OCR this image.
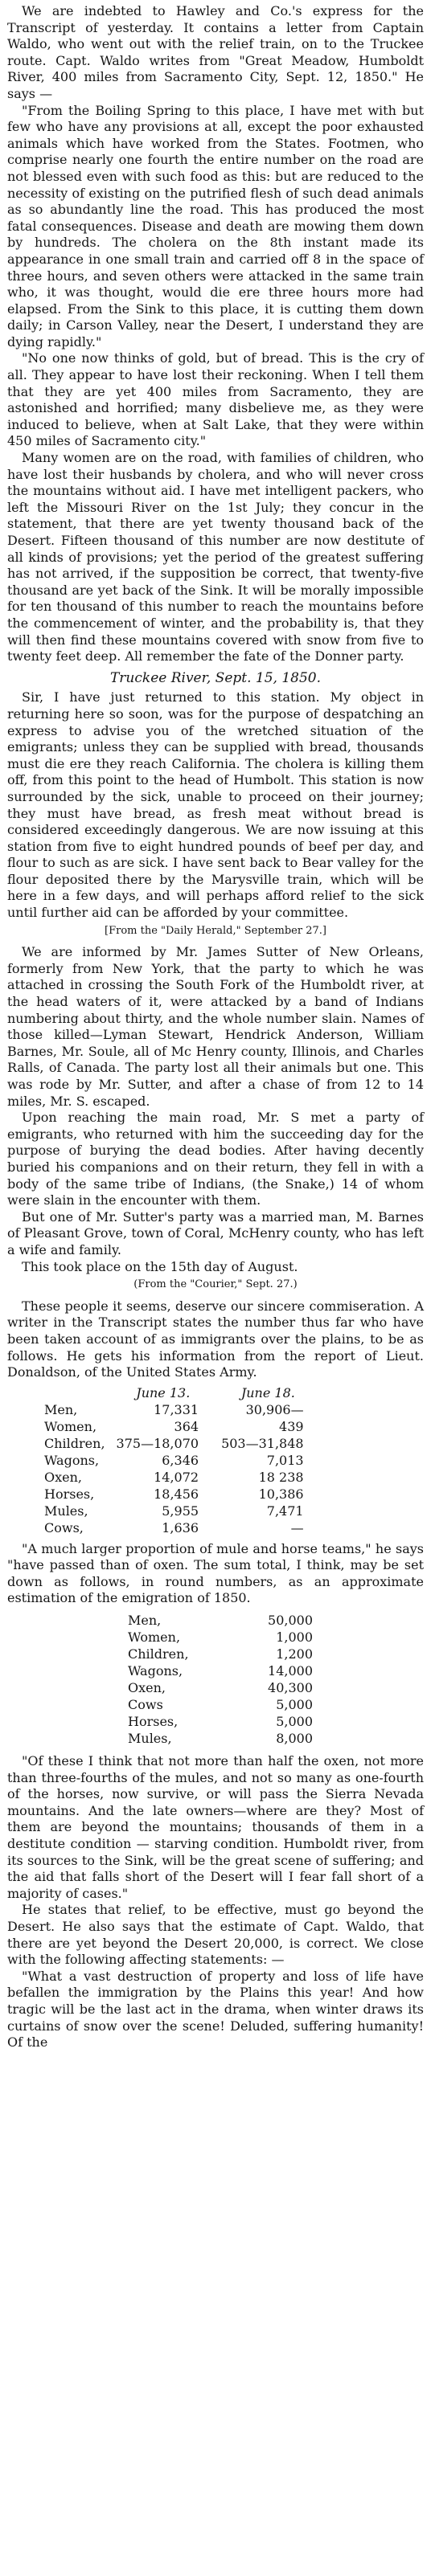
We are indebted to Hawley and Co.'s express for the Transcript of yesterday. It contains a letter from Captain Waldo, who went out with the relief train, on to the Truckee route. Capt. Waldo writes from "Great Meadow, Humboldt River, 400 miles from Sacramento City, Sept. 12, 1850." He says —

"From the Boiling Spring to this place, I have met with but few who have any provisions at all, except the poor exhausted animals which have worked from the States. Footmen, who comprise nearly one fourth the entire number on the road are not blessed even with such food as this: but are reduced to the necessity of existing on the putrified flesh of such dead animals as so abundantly line the road. This has produced the most fatal consequences. Disease and death are mowing them down by hundreds. The cholera on the 8th instant made its appearance in one small train and carried off 8 in the space of three hours, and seven others were attacked in the same train who, it was thought, would die ere three hours more had elapsed. From the Sink to this place, it is cutting them down daily; in Carson Valley, near the Desert, I understand they are dying rapidly."

"No one now thinks of gold, but of bread. This is the cry of all. They appear to have lost their reckoning. When I tell them that they are yet 400 miles from Sacramento, they are astonished and horrified; many disbelieve me, as they were induced to believe, when at Salt Lake, that they were within 450 miles of Sacramento city."

Many women are on the road, with families of children, who have lost their husbands by cholera, and who will never cross the mountains without aid. I have met intelligent packers, who left the Missouri River on the 1st July; they concur in the statement, that there are yet twenty thousand back of the Desert. Fifteen thousand of this number are now destitute of all kinds of provisions; yet the period of the greatest suffering has not arrived, if the supposition be correct, that twenty-five thousand are yet back of the Sink. It will be morally impossible for ten thousand of this number to reach the mountains before the commencement of winter, and the probability is, that they will then find these mountains covered with snow from five to twenty feet deep. All remember the fate of the Donner party.

Truckee River, Sept. 15, 1850.

Sir, I have just returned to this station. My object in returning here so soon, was for the purpose of despatching an express to advise you of the wretched situation of the emigrants; unless they can be supplied with bread, thousands must die ere they reach California. The cholera is killing them off, from this point to the head of Humbolt. This station is now surrounded by the sick, unable to proceed on their journey; they must have bread, as fresh meat without bread is considered exceedingly dangerous. We are now issuing at this station from five to eight hundred pounds of beef per day, and flour to such as are sick. I have sent back to Bear valley for the flour deposited there by the Marysville train, which will be here in a few days, and will perhaps afford relief to the sick until further aid can be afforded by your committee.

[From the "Daily Herald," September 27.]

We are informed by Mr. James Sutter of New Orleans, formerly from New York, that the party to which he was attached in crossing the South Fork of the Humboldt river, at the head waters of it, were attacked by a band of Indians numbering about thirty, and the whole number slain. Names of those killed—Lyman Stewart, Hendrick Anderson, William Barnes, Mr. Soule, all of Mc Henry county, Illinois, and Charles Ralls, of Canada. The party lost all their animals but one. This was rode by Mr. Sutter, and after a chase of from 12 to 14 miles, Mr. S. escaped.

Upon reaching the main road, Mr. S met a party of emigrants, who returned with him the succeeding day for the purpose of burying the dead bodies. After having decently buried his companions and on their return, they fell in with a body of the same tribe of Indians, (the Snake,) 14 of whom were slain in the encounter with them.

But one of Mr. Sutter's party was a married man, M. Barnes of Pleasant Grove, town of Coral, McHenry county, who has left a wife and family.

This took place on the 15th day of August.

(From the "Courier," Sept. 27.)

These people it seems, deserve our sincere commiseration. A writer in the Transcript states the number thus far who have been taken account of as immigrants over the plains, to be as follows. He gets his information from the report of Lieut. Donaldson, of the United States Army.

	June 13.	June 18.
Men,	17,331	30,906—
Women,	364	439
Children,	375—18,070	503—31,848
Wagons,	6,346	7,013
Oxen,	14,072	18 238
Horses,	18,456	10,386
Mules,	5,955	7,471
Cows,	1,636	—

"A much larger proportion of mule and horse teams," he says "have passed than of oxen. The sum total, I think, may be set down as follows, in round numbers, as an approximate estimation of the emigration of 1850.

Men,	50,000
Women,	1,000
Children,	1,200
Wagons,	14,000
Oxen,	40,300
Cows	5,000
Horses,	5,000
Mules,	8,000

"Of these I think that not more than half the oxen, not more than three-fourths of the mules, and not so many as one-fourth of the horses, now survive, or will pass the Sierra Nevada mountains. And the late owners—where are they? Most of them are beyond the mountains; thousands of them in a destitute condition — starving condition. Humboldt river, from its sources to the Sink, will be the great scene of suffering; and the aid that falls short of the Desert will I fear fall short of a majority of cases."

He states that relief, to be effective, must go beyond the Desert. He also says that the estimate of Capt. Waldo, that there are yet beyond the Desert 20,000, is correct. We close with the following affecting statements: —

"What a vast destruction of property and loss of life have befallen the immigration by the Plains this year! And how tragic will be the last act in the drama, when winter draws its curtains of snow over the scene! Deluded, suffering humanity! Of the
